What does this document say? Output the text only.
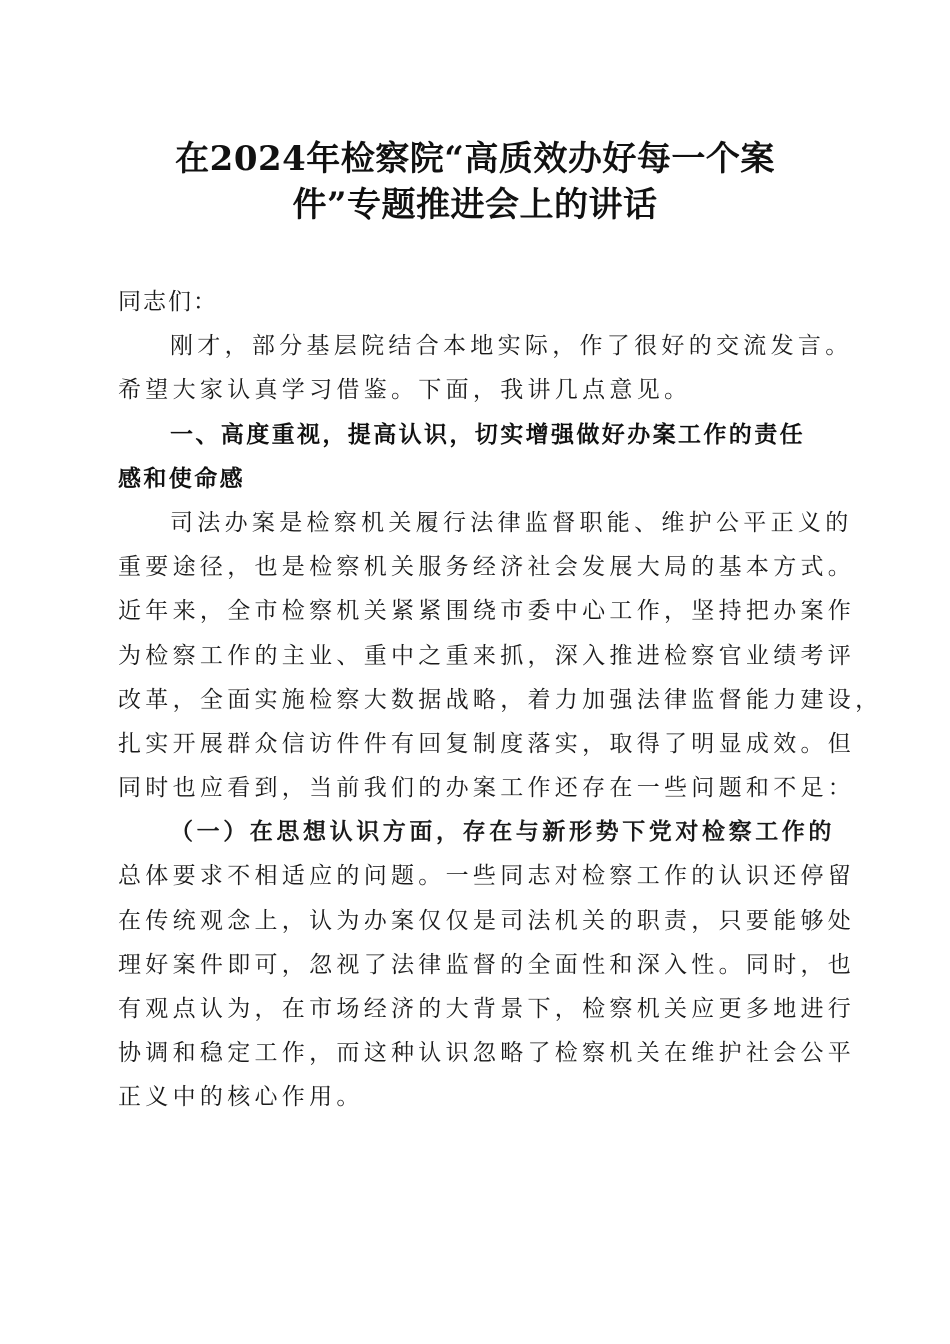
在2024年检察院“高质效办好每一个案
件”专题推进会上的讲话
同志们：
刚才，部分基层院结合本地实际，作了很好的交流发言。
希望大家认真学习借鉴。下面，我讲几点意见。
一、高度重视，提高认识，切实增强做好办案工作的责任
感和使命感
司法办案是检察机关履行法律监督职能、维护公平正义的
重要途径，也是检察机关服务经济社会发展大局的基本方式。
近年来，全市检察机关紧紧围绕市委中心工作，坚持把办案作
为检察工作的主业、重中之重来抓，深入推进检察官业绩考评
改革，全面实施检察大数据战略，着力加强法律监督能力建设，
扎实开展群众信访件件有回复制度落实，取得了明显成效。但
同时也应看到，当前我们的办案工作还存在一些问题和不足：
（一）在思想认识方面，存在与新形势下党对检察工作的
总体要求不相适应的问题。一些同志对检察工作的认识还停留
在传统观念上，认为办案仅仅是司法机关的职责，只要能够处
理好案件即可，忽视了法律监督的全面性和深入性。同时，也
有观点认为，在市场经济的大背景下，检察机关应更多地进行
协调和稳定工作，而这种认识忽略了检察机关在维护社会公平
正义中的核心作用。
